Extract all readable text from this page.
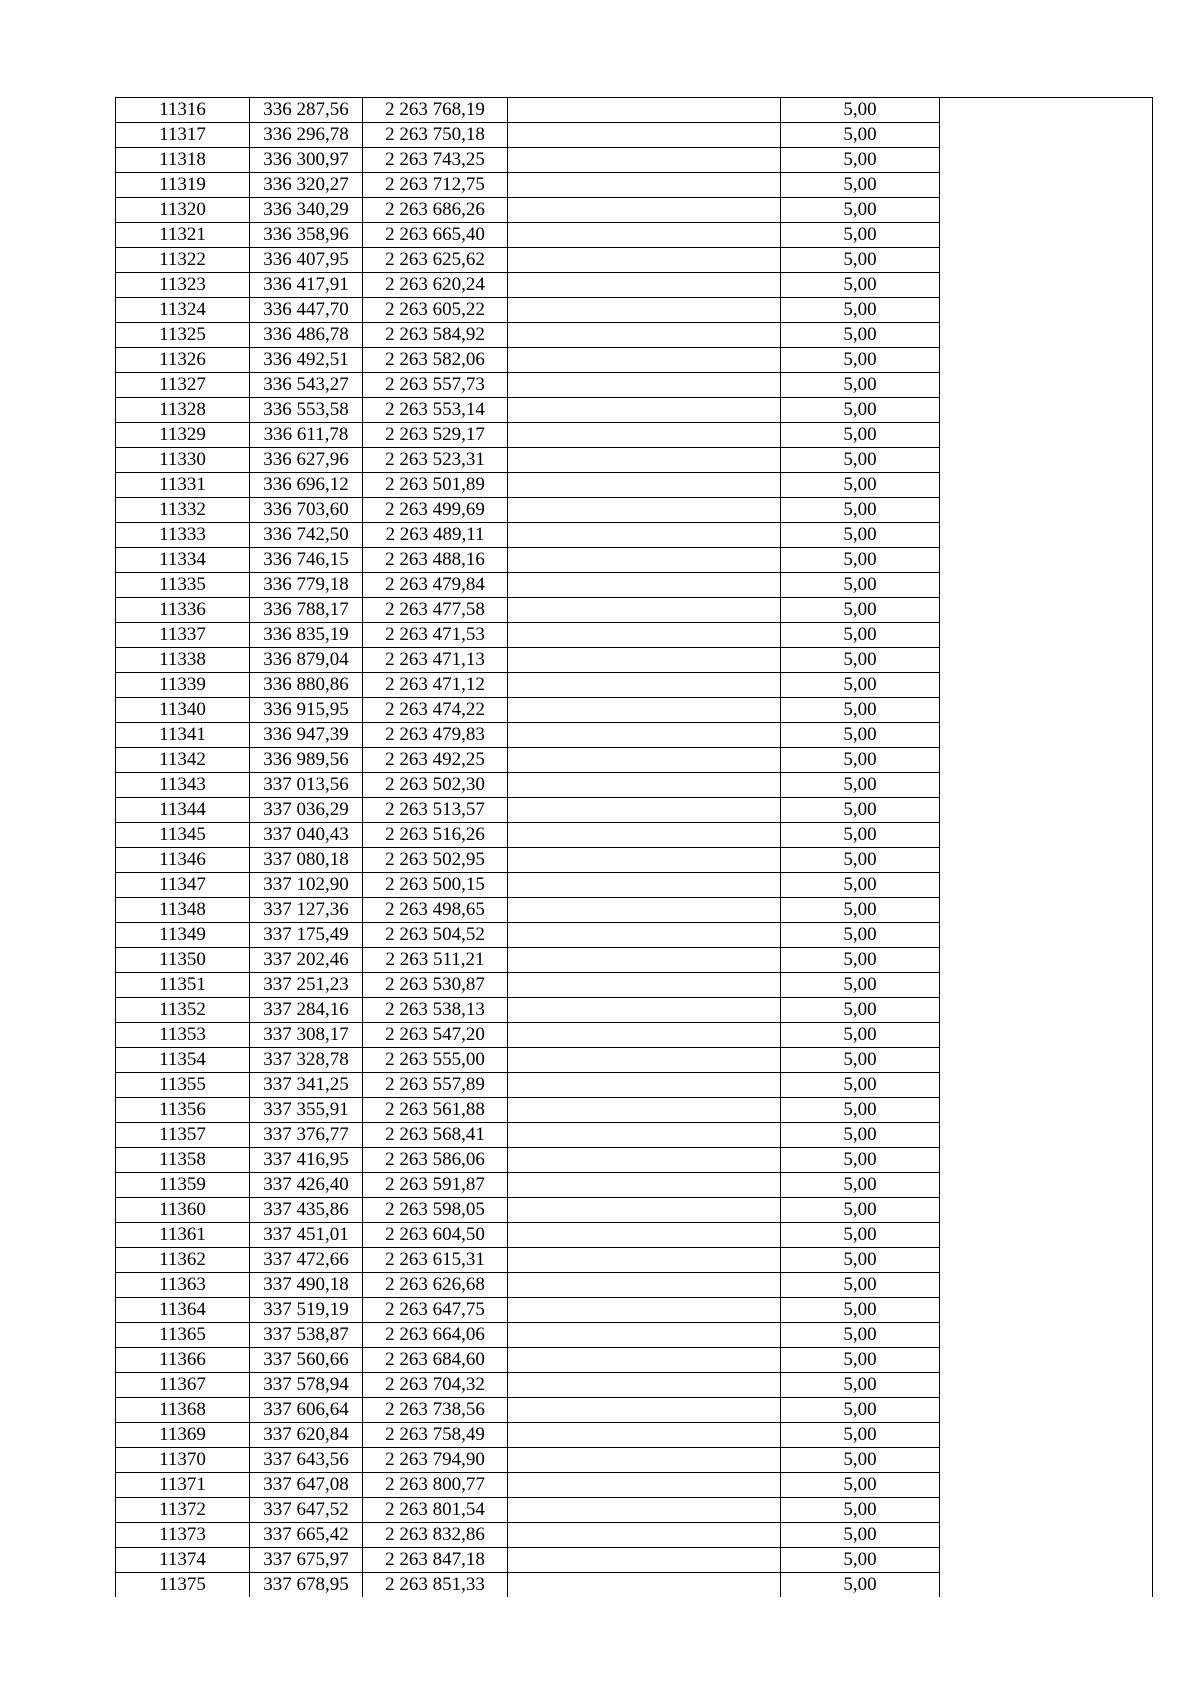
11316	336 287,56	2 263 768,19		5,00	
11317	336 296,78	2 263 750,18		5,00	
11318	336 300,97	2 263 743,25		5,00	
11319	336 320,27	2 263 712,75		5,00	
11320	336 340,29	2 263 686,26		5,00	
11321	336 358,96	2 263 665,40		5,00	
11322	336 407,95	2 263 625,62		5,00	
11323	336 417,91	2 263 620,24		5,00	
11324	336 447,70	2 263 605,22		5,00	
11325	336 486,78	2 263 584,92		5,00	
11326	336 492,51	2 263 582,06		5,00	
11327	336 543,27	2 263 557,73		5,00	
11328	336 553,58	2 263 553,14		5,00	
11329	336 611,78	2 263 529,17		5,00	
11330	336 627,96	2 263 523,31		5,00	
11331	336 696,12	2 263 501,89		5,00	
11332	336 703,60	2 263 499,69		5,00	
11333	336 742,50	2 263 489,11		5,00	
11334	336 746,15	2 263 488,16		5,00	
11335	336 779,18	2 263 479,84		5,00	
11336	336 788,17	2 263 477,58		5,00	
11337	336 835,19	2 263 471,53		5,00	
11338	336 879,04	2 263 471,13		5,00	
11339	336 880,86	2 263 471,12		5,00	
11340	336 915,95	2 263 474,22		5,00	
11341	336 947,39	2 263 479,83		5,00	
11342	336 989,56	2 263 492,25		5,00	
11343	337 013,56	2 263 502,30		5,00	
11344	337 036,29	2 263 513,57		5,00	
11345	337 040,43	2 263 516,26		5,00	
11346	337 080,18	2 263 502,95		5,00	
11347	337 102,90	2 263 500,15		5,00	
11348	337 127,36	2 263 498,65		5,00	
11349	337 175,49	2 263 504,52		5,00	
11350	337 202,46	2 263 511,21		5,00	
11351	337 251,23	2 263 530,87		5,00	
11352	337 284,16	2 263 538,13		5,00	
11353	337 308,17	2 263 547,20		5,00	
11354	337 328,78	2 263 555,00		5,00	
11355	337 341,25	2 263 557,89		5,00	
11356	337 355,91	2 263 561,88		5,00	
11357	337 376,77	2 263 568,41		5,00	
11358	337 416,95	2 263 586,06		5,00	
11359	337 426,40	2 263 591,87		5,00	
11360	337 435,86	2 263 598,05		5,00	
11361	337 451,01	2 263 604,50		5,00	
11362	337 472,66	2 263 615,31		5,00	
11363	337 490,18	2 263 626,68		5,00	
11364	337 519,19	2 263 647,75		5,00	
11365	337 538,87	2 263 664,06		5,00	
11366	337 560,66	2 263 684,60		5,00	
11367	337 578,94	2 263 704,32		5,00	
11368	337 606,64	2 263 738,56		5,00	
11369	337 620,84	2 263 758,49		5,00	
11370	337 643,56	2 263 794,90		5,00	
11371	337 647,08	2 263 800,77		5,00	
11372	337 647,52	2 263 801,54		5,00	
11373	337 665,42	2 263 832,86		5,00	
11374	337 675,97	2 263 847,18		5,00	
11375	337 678,95	2 263 851,33		5,00	
